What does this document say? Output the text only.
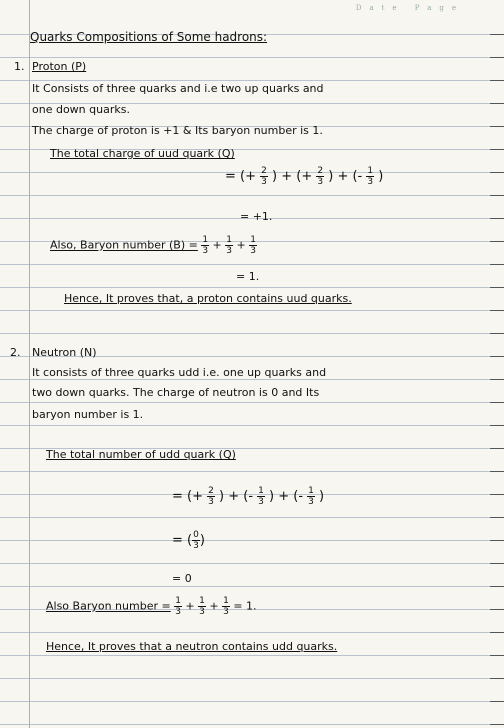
Date Page
Quarks Compositions of Some hadrons:
1. Proton (P)
It Consists of three quarks and i.e two up quarks and
one down quarks.
The charge of proton is +1 & Its baryon number is 1.
The total charge of uud quark (Q)
= (+ $\frac{2}{3}$ ) + (+ $\frac{2}{3}$ ) + (- $\frac{1}{3}$ )
= +1.
Also, Baryon number $(B) = \frac{1}{3} + \frac{1}{3} + \frac{1}{3}$
= 1.
Hence, It proves that, a proton contains uud quarks.
2. Neutron (N)
It consists of three quarks udd i.e. one up quarks and
two down quarks. The charge of neutron is 0 and Its
baryon number is 1.
The total number of udd quark (Q)
= (+ $\frac{2}{3}$ ) + (- $\frac{1}{3}$ ) + (- $\frac{1}{3}$ )
= ( $\frac{0}{3}$ )
= 0
Also Baryon number = $\frac{1}{3} + \frac{1}{3} + \frac{1}{3} = 1$.
Hence, It proves that a neutron contains udd quarks.
